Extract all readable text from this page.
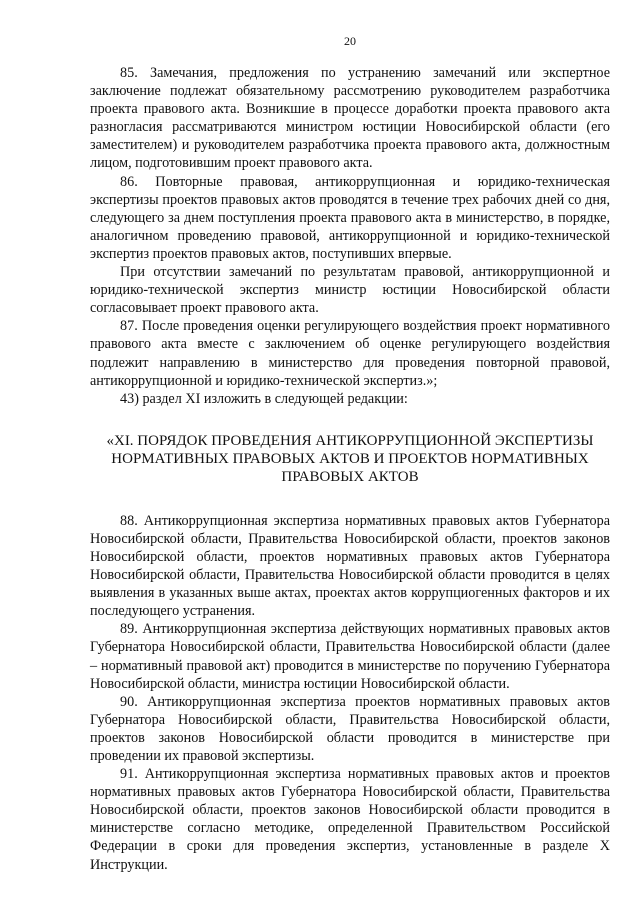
20

85. Замечания, предложения по устранению замечаний или экспертное заключение подлежат обязательному рассмотрению руководителем разработчика проекта правового акта. Возникшие в процессе доработки проекта правового акта разногласия рассматриваются министром юстиции Новосибирской области (его заместителем) и руководителем разработчика проекта правового акта, должностным лицом, подготовившим проект правового акта.

86. Повторные правовая, антикоррупционная и юридико-техническая экспертизы проектов правовых актов проводятся в течение трех рабочих дней со дня, следующего за днем поступления проекта правового акта в министерство, в порядке, аналогичном проведению правовой, антикоррупционной и юридико-технической экспертиз проектов правовых актов, поступивших впервые.

При отсутствии замечаний по результатам правовой, антикоррупционной и юридико-технической экспертиз министр юстиции Новосибирской области согласовывает проект правового акта.

87. После проведения оценки регулирующего воздействия проект нормативного правового акта вместе с заключением об оценке регулирующего воздействия подлежит направлению в министерство для проведения повторной правовой, антикоррупционной и юридико-технической экспертиз.»;

43) раздел XI изложить в следующей редакции:

«XI. ПОРЯДОК ПРОВЕДЕНИЯ АНТИКОРРУПЦИОННОЙ ЭКСПЕРТИЗЫ НОРМАТИВНЫХ ПРАВОВЫХ АКТОВ И ПРОЕКТОВ НОРМАТИВНЫХ ПРАВОВЫХ АКТОВ

88. Антикоррупционная экспертиза нормативных правовых актов Губернатора Новосибирской области, Правительства Новосибирской области, проектов законов Новосибирской области, проектов нормативных правовых актов Губернатора Новосибирской области, Правительства Новосибирской области проводится в целях выявления в указанных выше актах, проектах актов коррупциогенных факторов и их последующего устранения.

89. Антикоррупционная экспертиза действующих нормативных правовых актов Губернатора Новосибирской области, Правительства Новосибирской области (далее – нормативный правовой акт) проводится в министерстве по поручению Губернатора Новосибирской области, министра юстиции Новосибирской области.

90. Антикоррупционная экспертиза проектов нормативных правовых актов Губернатора Новосибирской области, Правительства Новосибирской области, проектов законов Новосибирской области проводится в министерстве при проведении их правовой экспертизы.

91. Антикоррупционная экспертиза нормативных правовых актов и проектов нормативных правовых актов Губернатора Новосибирской области, Правительства Новосибирской области, проектов законов Новосибирской области проводится в министерстве согласно методике, определенной Правительством Российской Федерации в сроки для проведения экспертиз, установленные в разделе X Инструкции.
